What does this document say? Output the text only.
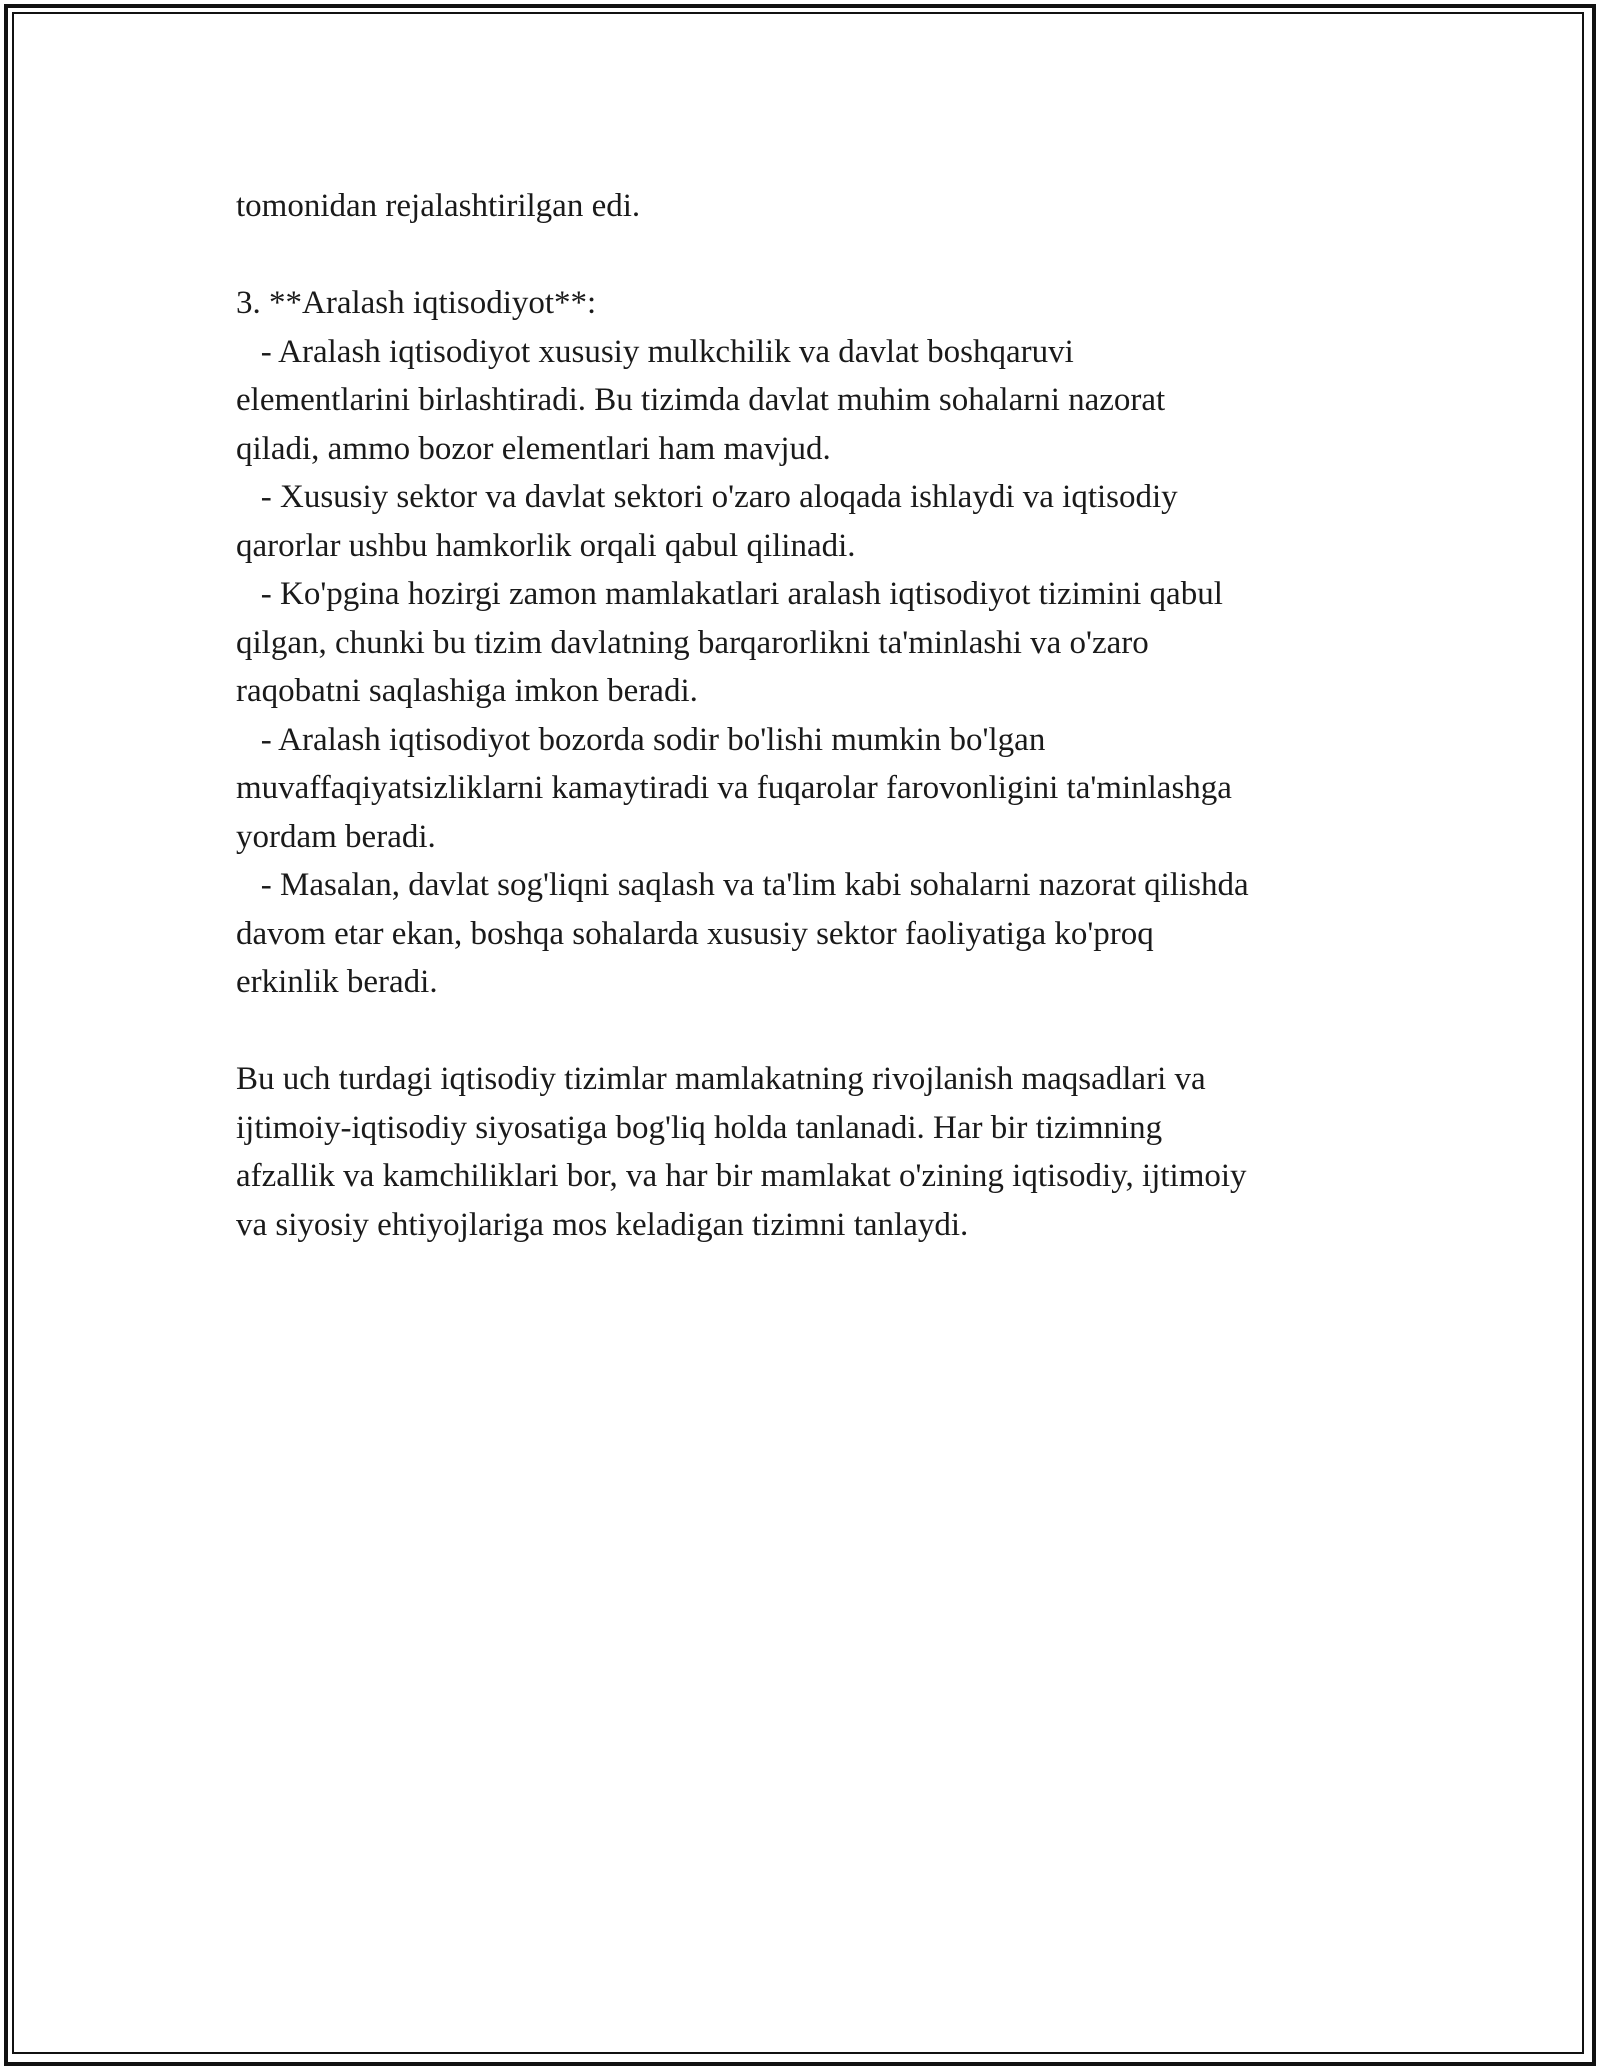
tomonidan rejalashtirilgan edi.
3. **Aralash iqtisodiyot**:
- Aralash iqtisodiyot xususiy mulkchilik va davlat boshqaruvi
elementlarini birlashtiradi. Bu tizimda davlat muhim sohalarni nazorat
qiladi, ammo bozor elementlari ham mavjud.
- Xususiy sektor va davlat sektori o'zaro aloqada ishlaydi va iqtisodiy
qarorlar ushbu hamkorlik orqali qabul qilinadi.
- Ko'pgina hozirgi zamon mamlakatlari aralash iqtisodiyot tizimini qabul
qilgan, chunki bu tizim davlatning barqarorlikni ta'minlashi va o'zaro
raqobatni saqlashiga imkon beradi.
- Aralash iqtisodiyot bozorda sodir bo'lishi mumkin bo'lgan
muvaffaqiyatsizliklarni kamaytiradi va fuqarolar farovonligini ta'minlashga
yordam beradi.
- Masalan, davlat sog'liqni saqlash va ta'lim kabi sohalarni nazorat qilishda
davom etar ekan, boshqa sohalarda xususiy sektor faoliyatiga ko'proq
erkinlik beradi.
Bu uch turdagi iqtisodiy tizimlar mamlakatning rivojlanish maqsadlari va
ijtimoiy-iqtisodiy siyosatiga bog'liq holda tanlanadi. Har bir tizimning
afzallik va kamchiliklari bor, va har bir mamlakat o'zining iqtisodiy, ijtimoiy
va siyosiy ehtiyojlariga mos keladigan tizimni tanlaydi.
